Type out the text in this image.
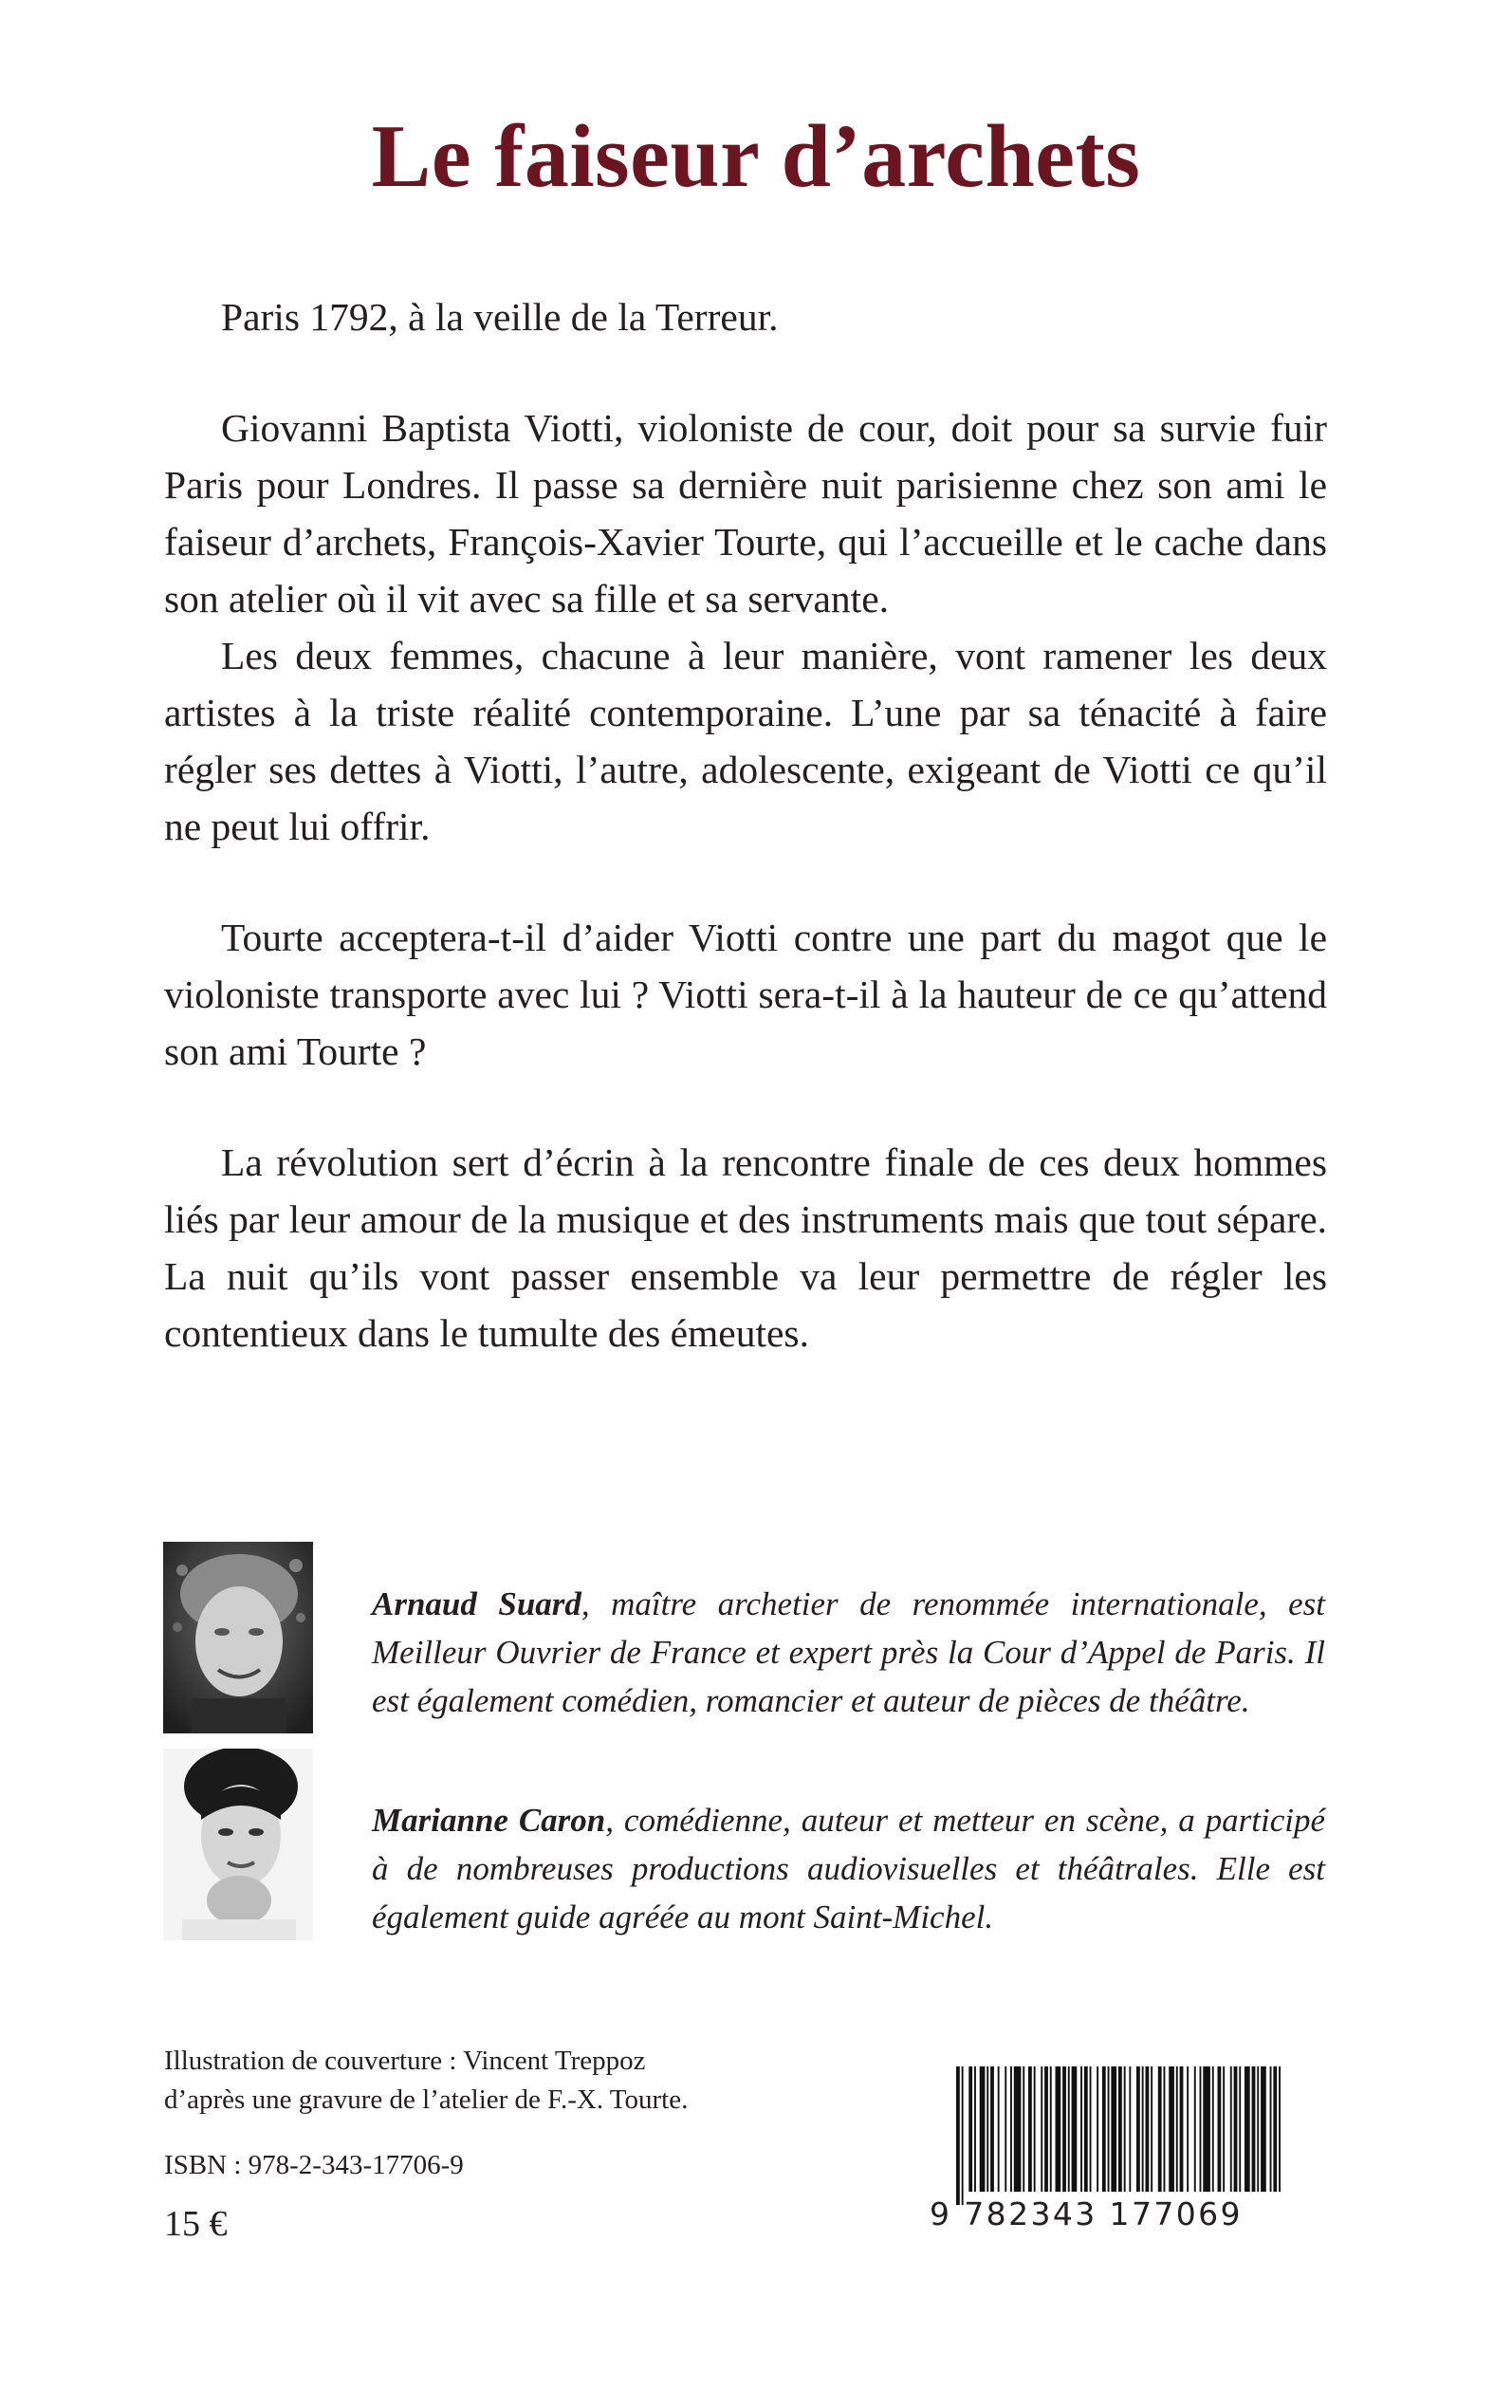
Le faiseur d’archets

Paris 1792, à la veille de la Terreur.

Giovanni Baptista Viotti, violoniste de cour, doit pour sa survie fuir Paris pour Londres. Il passe sa dernière nuit parisienne chez son ami le faiseur d’archets, François-Xavier Tourte, qui l’accueille et le cache dans son atelier où il vit avec sa fille et sa servante.

Les deux femmes, chacune à leur manière, vont ramener les deux artistes à la triste réalité contemporaine. L’une par sa ténacité à faire régler ses dettes à Viotti, l’autre, adolescente, exigeant de Viotti ce qu’il ne peut lui offrir.

Tourte acceptera-t-il d’aider Viotti contre une part du magot que le violoniste transporte avec lui ? Viotti sera-t-il à la hauteur de ce qu’attend son ami Tourte ?

La révolution sert d’écrin à la rencontre finale de ces deux hommes liés par leur amour de la musique et des instruments mais que tout sépare. La nuit qu’ils vont passer ensemble va leur permettre de régler les contentieux dans le tumulte des émeutes.

Arnaud Suard, maître archetier de renommée internationale, est Meilleur Ouvrier de France et expert près la Cour d’Appel de Paris. Il est également comédien, romancier et auteur de pièces de théâtre.

Marianne Caron, comédienne, auteur et metteur en scène, a participé à de nombreuses productions audiovisuelles et théâtrales. Elle est également guide agréée au mont Saint-Michel.

Illustration de couverture : Vincent Treppoz
d’après une gravure de l’atelier de F.-X. Tourte.
ISBN : 978-2-343-17706-9
15 €	9 782343 177069
